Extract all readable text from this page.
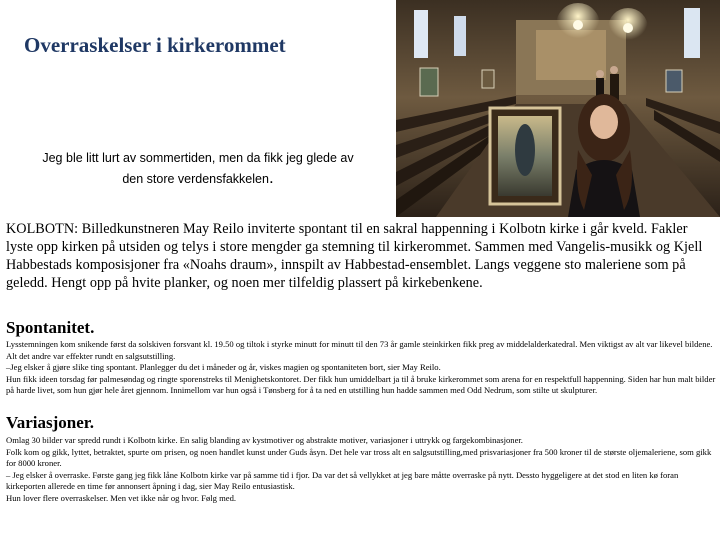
Overraskelser i kirkerommet
Jeg ble litt lurt av sommertiden, men da fikk jeg glede av
den store verdensfakkelen.
KOLBOTN: Billedkunstneren May Reilo inviterte spontant til en sakral happenning i Kolbotn kirke i går kveld. Fakler lyste opp kirken på utsiden og telys i store mengder ga stemning til kirkerommet. Sammen med Vangelis-musikk og Kjell Habbestads komposisjoner fra «Noahs draum», innspilt av Habbestad-ensemblet. Langs veggene sto maleriene som på geledd. Hengt opp på hvite planker, og noen mer tilfeldig plassert på kirkebenkene.
Spontanitet.

Lysstemningen kom snikende først da solskiven forsvant kl. 19.50 og tiltok i styrke minutt for minutt til den 73 år gamle steinkirken fikk preg av middelalderkatedral. Men viktigst av alt var likevel bildene. Alt det andre var effekter rundt en salgsutstilling.

–Jeg elsker å gjøre slike ting spontant. Planlegger du det i måneder og år, viskes magien og spontaniteten bort, sier May Reilo.

Hun fikk ideen torsdag før palmesøndag og ringte sporenstreks til Menighetskontoret. Der fikk hun umiddelbart ja til å bruke kirkerommet som arena for en respektfull happenning. Siden har hun malt bilder på harde livet, som hun gjør hele året gjennom. Innimellom var hun også i Tønsberg for å ta ned en utstilling hun hadde sammen med Odd Nedrum, som stilte ut skulpturer.

Variasjoner.

Omlag 30 bilder var spredd rundt i Kolbotn kirke. En salig blanding av kystmotiver og abstrakte motiver, variasjoner i uttrykk og fargekombinasjoner.

Folk kom og gikk, lyttet, betraktet, spurte om prisen, og noen handlet kunst under Guds åsyn. Det hele var tross alt en salgsutstilling,med prisvariasjoner fra 500 kroner til de største oljemaleriene, som gikk for 8000 kroner.

– Jeg elsker å overraske. Første gang jeg fikk låne Kolbotn kirke var på samme tid i fjor. Da var det så vellykket at jeg bare måtte overraske på nytt. Dessto hyggeligere at det stod en liten kø foran kirkeporten allerede en time før annonsert åpning i dag, sier May Reilo entusiastisk.

Hun lover flere overraskelser. Men vet ikke når og hvor. Følg med.
